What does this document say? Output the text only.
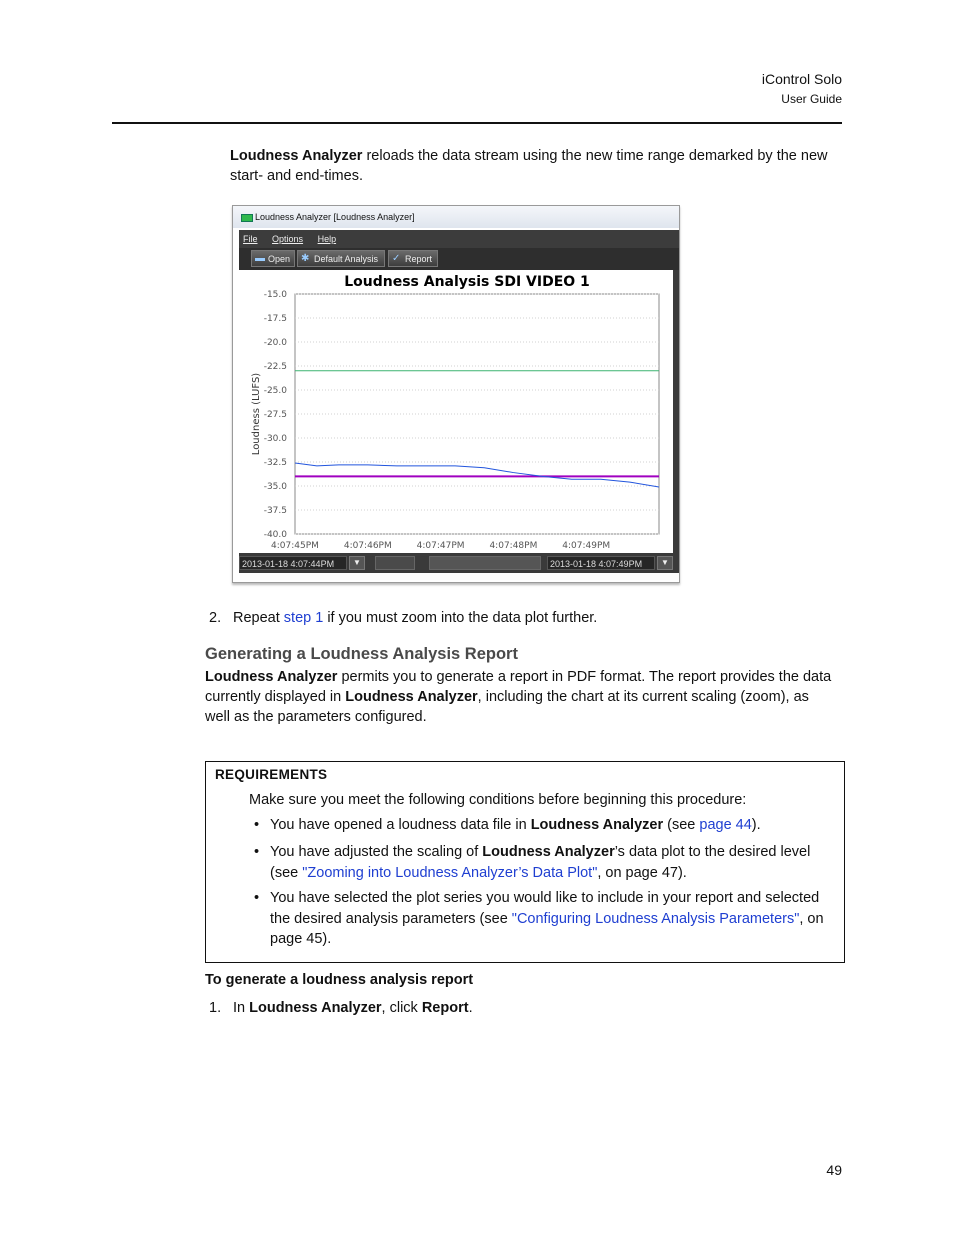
iControl Solo
User Guide

Loudness Analyzer reloads the data stream using the new time range demarked by the new start- and end-times.

Loudness Analyzer [Loudness Analyzer]
File Options Help
▬ Open	✱ Default Analysis	✓ Report
Loudness Analysis SDI VIDEO 1
-15.0
-17.5
-20.0
-22.5
-25.0
-27.5
-30.0
-32.5
-35.0
-37.5
-40.0
4:07:45PM	4:07:46PM	4:07:47PM	4:07:48PM	4:07:49PM
Loudness (LUFS)
2013-01-18 4:07:44PM	▼	2013-01-18 4:07:49PM	▼

2. Repeat step 1 if you must zoom into the data plot further.

Generating a Loudness Analysis Report

Loudness Analyzer permits you to generate a report in PDF format. The report provides the data currently displayed in Loudness Analyzer, including the chart at its current scaling (zoom), as well as the parameters configured.

REQUIREMENTS
Make sure you meet the following conditions before beginning this procedure:
• You have opened a loudness data file in Loudness Analyzer (see page 44).
• You have adjusted the scaling of Loudness Analyzer’s data plot to the desired level (see "Zooming into Loudness Analyzer’s Data Plot", on page 47).
• You have selected the plot series you would like to include in your report and selected the desired analysis parameters (see "Configuring Loudness Analysis Parameters", on page 45).
To generate a loudness analysis report

1. In Loudness Analyzer, click Report.

49
